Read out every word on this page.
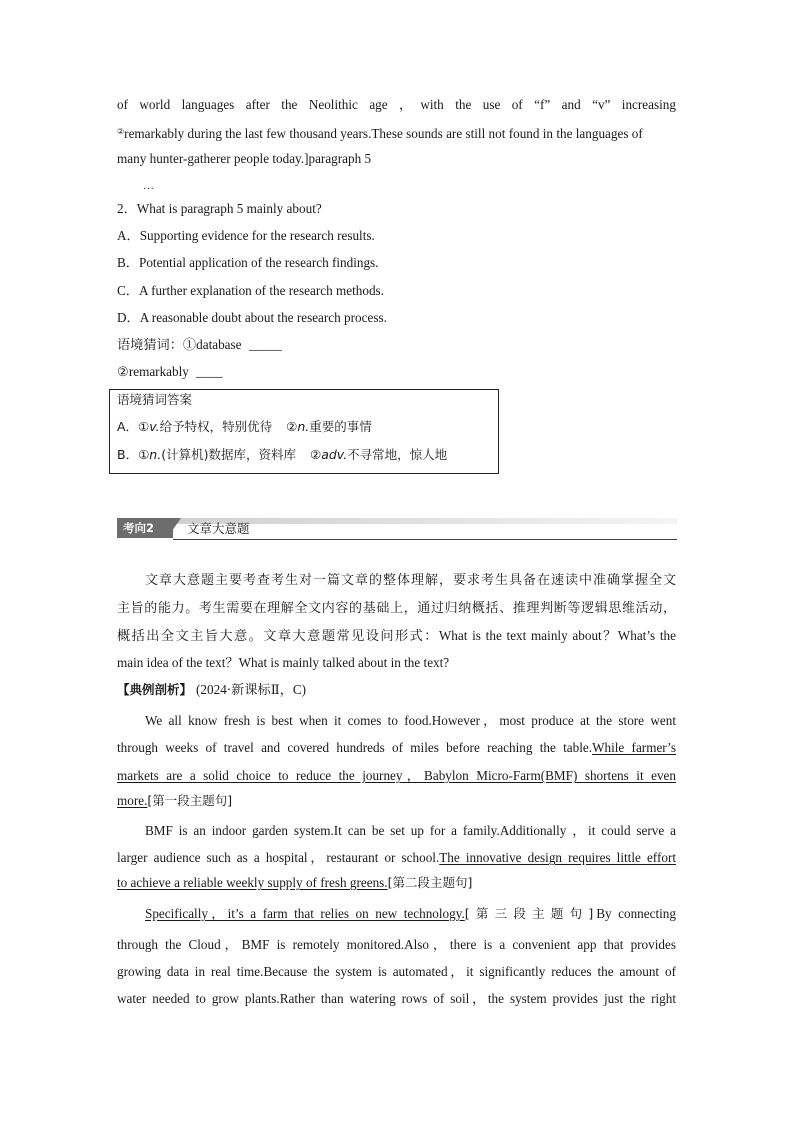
of world languages after the Neolithic age ，with the use of “f” and “v” increasing
②remarkably during the last few thousand years.These sounds are still not found in the languages of
many hunter-gatherer people today.]paragraph 5
…
2．What is paragraph 5 mainly about?
A．Supporting evidence for the research results.
B．Potential application of the research findings.
C．A further explanation of the research methods.
D．A reasonable doubt about the research process.
语境猜词：①database _____
②remarkably ____
语境猜词答案
A．①v.给予特权，特别优待 ②n.重要的事情
B．①n.(计算机)数据库，资料库 ②adv.不寻常地，惊人地
考向2	文章大意题
文章大意题主要考查考生对一篇文章的整体理解，要求考生具备在速读中准确掌握全文
主旨的能力。考生需要在理解全文内容的基础上，通过归纳概括、推理判断等逻辑思维活动，
概括出全文主旨大意。文章大意题常见设问形式：What is the text mainly about？What’s the
main idea of the text？What is mainly talked about in the text?
【典例剖析】 (2024·新课标Ⅱ，C)
We all know fresh is best when it comes to food.However，most produce at the store went
through weeks of travel and covered hundreds of miles before reaching the table.While farmer’s
markets are a solid choice to reduce the journey，Babylon Micro-Farm(BMF) shortens it even
more.[第一段主题句]
BMF is an indoor garden system.It can be set up for a family.Additionally ，it could serve a
larger audience such as a hospital，restaurant or school.The innovative design requires little effort
to achieve a reliable weekly supply of fresh greens.[第二段主题句]
Specifically，it’s a farm that relies on new technology.[第三段主题句]By connecting
through the Cloud，BMF is remotely monitored.Also，there is a convenient app that provides
growing data in real time.Because the system is automated，it significantly reduces the amount of
water needed to grow plants.Rather than watering rows of soil，the system provides just the right
